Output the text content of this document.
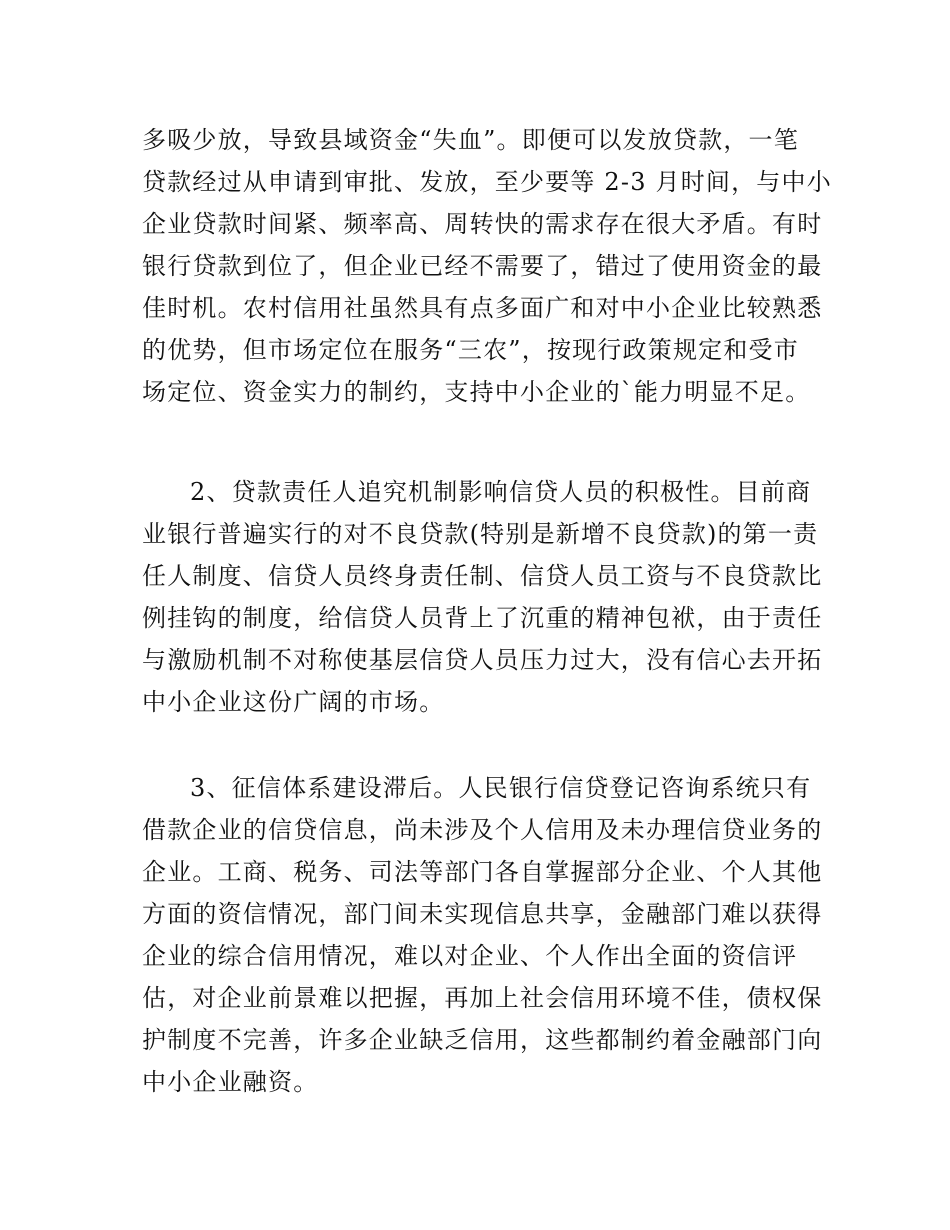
多吸少放，导致县域资金“失血”。即便可以发放贷款，一笔
贷款经过从申请到审批、发放，至少要等 2-3 月时间，与中小
企业贷款时间紧、频率高、周转快的需求存在很大矛盾。有时
银行贷款到位了，但企业已经不需要了，错过了使用资金的最
佳时机。农村信用社虽然具有点多面广和对中小企业比较熟悉
的优势，但市场定位在服务“三农”，按现行政策规定和受市
场定位、资金实力的制约，支持中小企业的`能力明显不足。
2、贷款责任人追究机制影响信贷人员的积极性。目前商
业银行普遍实行的对不良贷款(特别是新增不良贷款)的第一责
任人制度、信贷人员终身责任制、信贷人员工资与不良贷款比
例挂钩的制度，给信贷人员背上了沉重的精神包袱，由于责任
与激励机制不对称使基层信贷人员压力过大，没有信心去开拓
中小企业这份广阔的市场。
3、征信体系建设滞后。人民银行信贷登记咨询系统只有
借款企业的信贷信息，尚未涉及个人信用及未办理信贷业务的
企业。工商、税务、司法等部门各自掌握部分企业、个人其他
方面的资信情况，部门间未实现信息共享，金融部门难以获得
企业的综合信用情况，难以对企业、个人作出全面的资信评
估，对企业前景难以把握，再加上社会信用环境不佳，债权保
护制度不完善，许多企业缺乏信用，这些都制约着金融部门向
中小企业融资。
